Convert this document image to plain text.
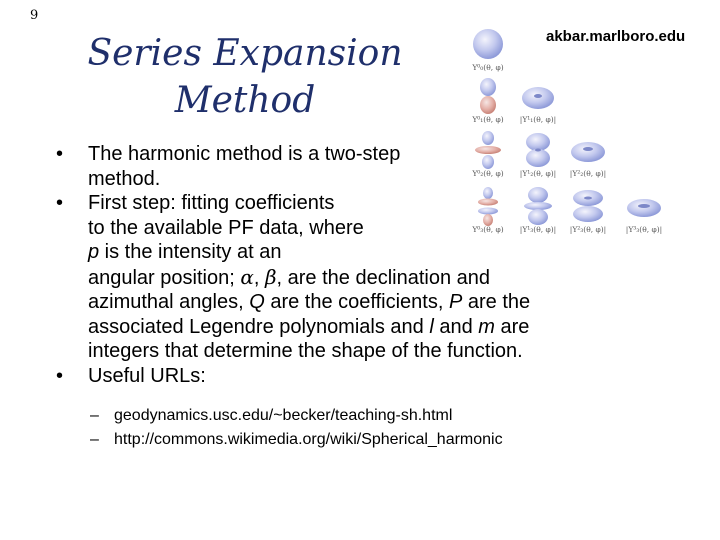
9
Series Expansion
Method
akbar.marlboro.edu
Y⁰₀(θ, φ)
Y⁰₁(θ, φ)	|Y¹₁(θ, φ)|
Y⁰₂(θ, φ)	|Y¹₂(θ, φ)|	|Y²₂(θ, φ)|
Y⁰₃(θ, φ)	|Y¹₃(θ, φ)|	|Y²₃(θ, φ)|	|Y³₃(θ, φ)|

• The harmonic method is a two-step method.

• First step: fitting coefficients
to the available PF data, where
p is the intensity at an
angular position; α, β, are the declination and
azimuthal angles, Q are the coefficients, P are the
associated Legendre polynomials and l and m are
integers that determine the shape of the function.

• Useful URLs:

– geodynamics.usc.edu/~becker/teaching-sh.html

– http://commons.wikimedia.org/wiki/Spherical_harmonic
